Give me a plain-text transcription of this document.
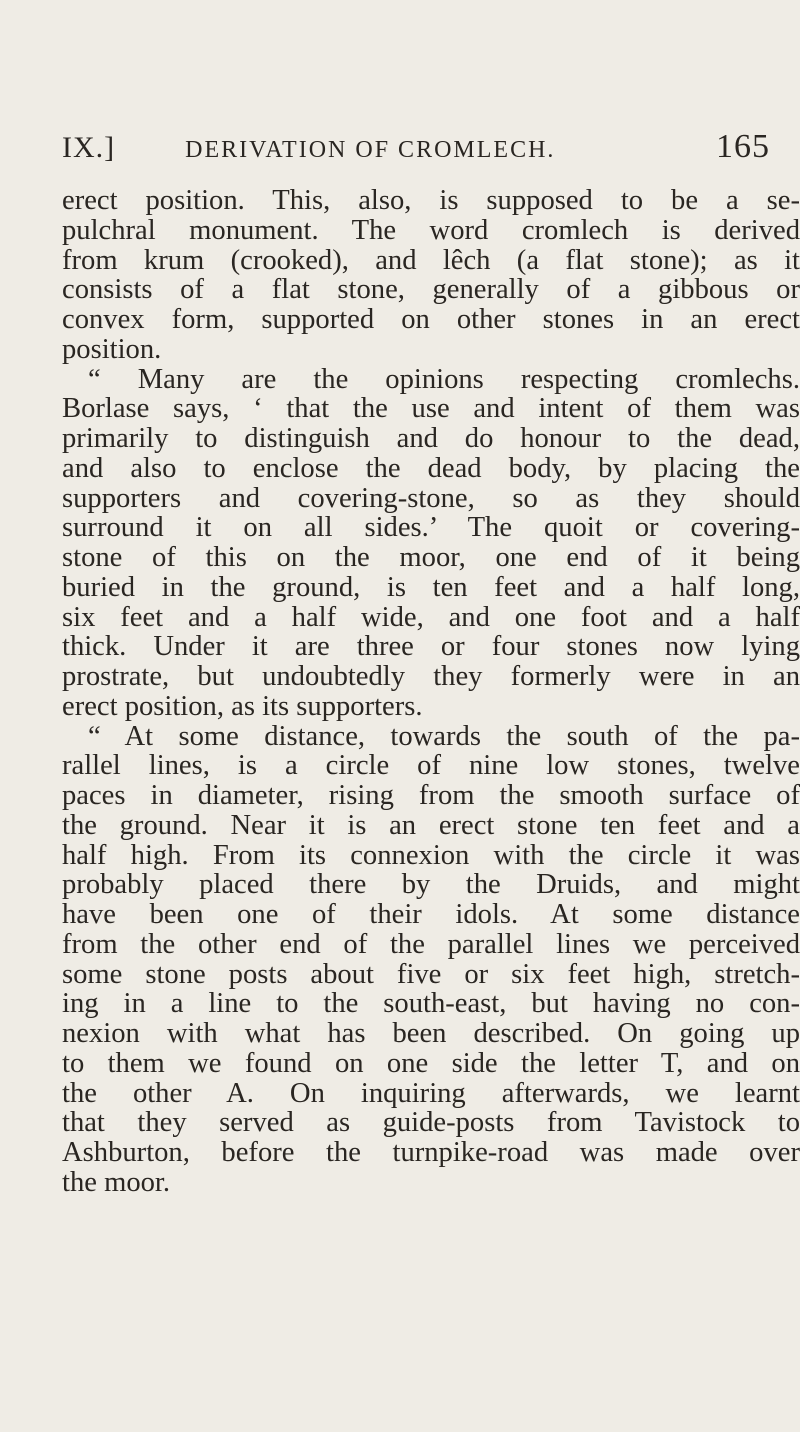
IX.]	DERIVATION OF CROMLECH.	165
erect position. This, also, is supposed to be a se-
pulchral monument. The word cromlech is derived
from krum (crooked), and lêch (a flat stone); as it
consists of a flat stone, generally of a gibbous or
convex form, supported on other stones in an erect
position.
“ Many are the opinions respecting cromlechs.
Borlase says, ‘ that the use and intent of them was
primarily to distinguish and do honour to the dead,
and also to enclose the dead body, by placing the
supporters and covering-stone, so as they should
surround it on all sides.’ The quoit or covering-
stone of this on the moor, one end of it being
buried in the ground, is ten feet and a half long,
six feet and a half wide, and one foot and a half
thick. Under it are three or four stones now lying
prostrate, but undoubtedly they formerly were in an
erect position, as its supporters.
“ At some distance, towards the south of the pa-
rallel lines, is a circle of nine low stones, twelve
paces in diameter, rising from the smooth surface of
the ground. Near it is an erect stone ten feet and a
half high. From its connexion with the circle it was
probably placed there by the Druids, and might
have been one of their idols. At some distance
from the other end of the parallel lines we perceived
some stone posts about five or six feet high, stretch-
ing in a line to the south-east, but having no con-
nexion with what has been described. On going up
to them we found on one side the letter T, and on
the other A. On inquiring afterwards, we learnt
that they served as guide-posts from Tavistock to
Ashburton, before the turnpike-road was made over
the moor.
